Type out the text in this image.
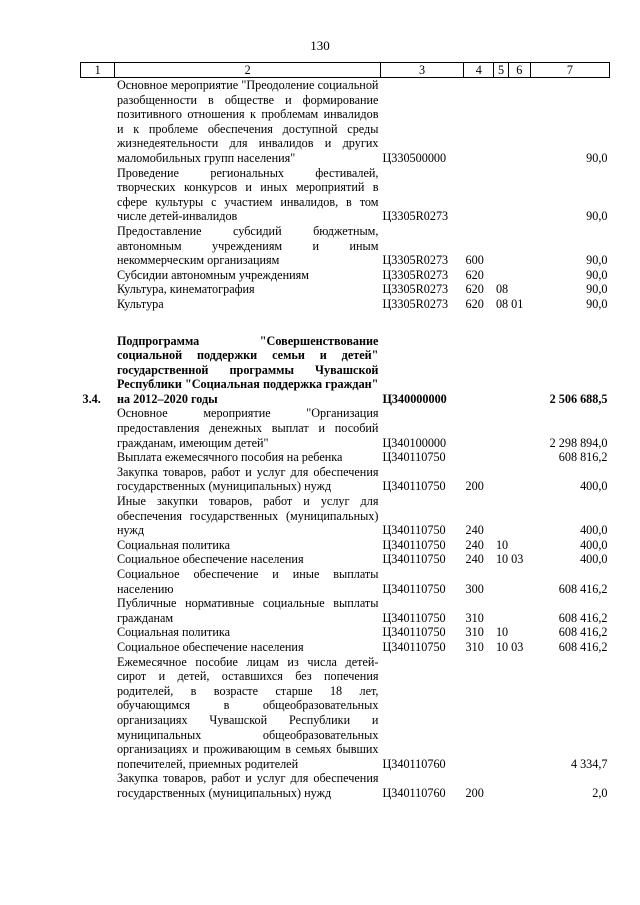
130
1	2	3	4	5	6	7
	Основное мероприятие "Преодоление социальной разобщенности в обществе и формирование позитивного отношения к проблемам инвалидов и к проблеме обеспечения доступной среды жизнедеятельности для инвалидов и других маломобильных групп населения"	Ц330500000				90,0
	Проведение региональных фестивалей, творческих конкурсов и иных мероприятий в сфере культуры с участием инвалидов, в том числе детей-инвалидов	Ц3305R0273				90,0
	Предоставление субсидий бюджетным, автономным учреждениям и иным некоммерческим организациям	Ц3305R0273	600			90,0
	Субсидии автономным учреждениям	Ц3305R0273	620			90,0
	Культура, кинематография	Ц3305R0273	620	08		90,0
	Культура	Ц3305R0273	620	08 01		90,0

3.4.	Подпрограмма "Совершенствование социальной поддержки семьи и детей" государственной программы Чувашской Республики "Социальная поддержка граждан" на 2012–2020 годы	Ц340000000				2 506 688,5
	Основное мероприятие "Организация предоставления денежных выплат и пособий гражданам, имеющим детей"	Ц340100000				2 298 894,0
	Выплата ежемесячного пособия на ребенка	Ц340110750				608 816,2
	Закупка товаров, работ и услуг для обеспечения государственных (муниципальных) нужд	Ц340110750	200			400,0
	Иные закупки товаров, работ и услуг для обеспечения государственных (муниципальных) нужд	Ц340110750	240			400,0
	Социальная политика	Ц340110750	240	10		400,0
	Социальное обеспечение населения	Ц340110750	240	10 03		400,0
	Социальное обеспечение и иные выплаты населению	Ц340110750	300			608 416,2
	Публичные нормативные социальные выплаты гражданам	Ц340110750	310			608 416,2
	Социальная политика	Ц340110750	310	10		608 416,2
	Социальное обеспечение населения	Ц340110750	310	10 03		608 416,2
	Ежемесячное пособие лицам из числа детей-сирот и детей, оставшихся без попечения родителей, в возрасте старше 18 лет, обучающимся в общеобразовательных организациях Чувашской Республики и муниципальных общеобразовательных организациях и проживающим в семьях бывших попечителей, приемных родителей	Ц340110760				4 334,7
	Закупка товаров, работ и услуг для обеспечения государственных (муниципальных) нужд	Ц340110760	200			2,0
